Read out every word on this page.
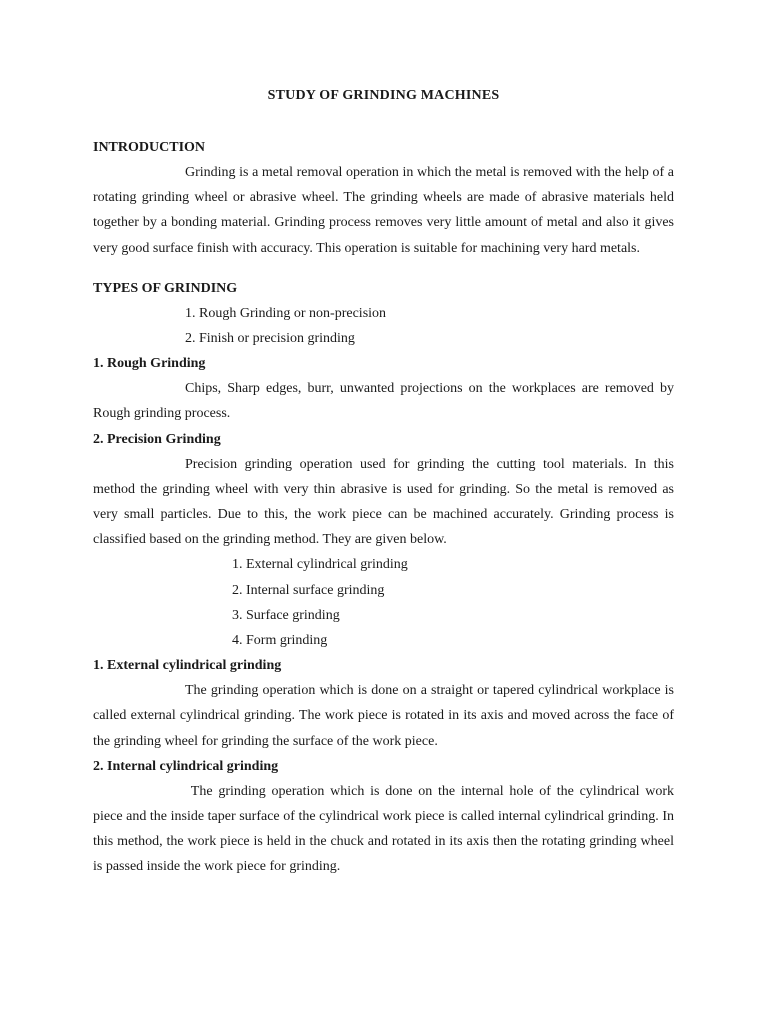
STUDY OF GRINDING MACHINES

INTRODUCTION

Grinding is a metal removal operation in which the metal is removed with the help of a rotating grinding wheel or abrasive wheel. The grinding wheels are made of abrasive materials held together by a bonding material. Grinding process removes very little amount of metal and also it gives very good surface finish with accuracy. This operation is suitable for machining very hard metals.

TYPES OF GRINDING

1. Rough Grinding or non-precision
2. Finish or precision grinding

1. Rough Grinding

Chips, Sharp edges, burr, unwanted projections on the workplaces are removed by Rough grinding process.

2. Precision Grinding

Precision grinding operation used for grinding the cutting tool materials. In this method the grinding wheel with very thin abrasive is used for grinding. So the metal is removed as very small particles. Due to this, the work piece can be machined accurately. Grinding process is classified based on the grinding method. They are given below.

1. External cylindrical grinding
2. Internal surface grinding
3. Surface grinding
4. Form grinding

1. External cylindrical grinding

The grinding operation which is done on a straight or tapered cylindrical workplace is called external cylindrical grinding. The work piece is rotated in its axis and moved across the face of the grinding wheel for grinding the surface of the work piece.

2. Internal cylindrical grinding

The grinding operation which is done on the internal hole of the cylindrical work piece and the inside taper surface of the cylindrical work piece is called internal cylindrical grinding. In this method, the work piece is held in the chuck and rotated in its axis then the rotating grinding wheel is passed inside the work piece for grinding.
